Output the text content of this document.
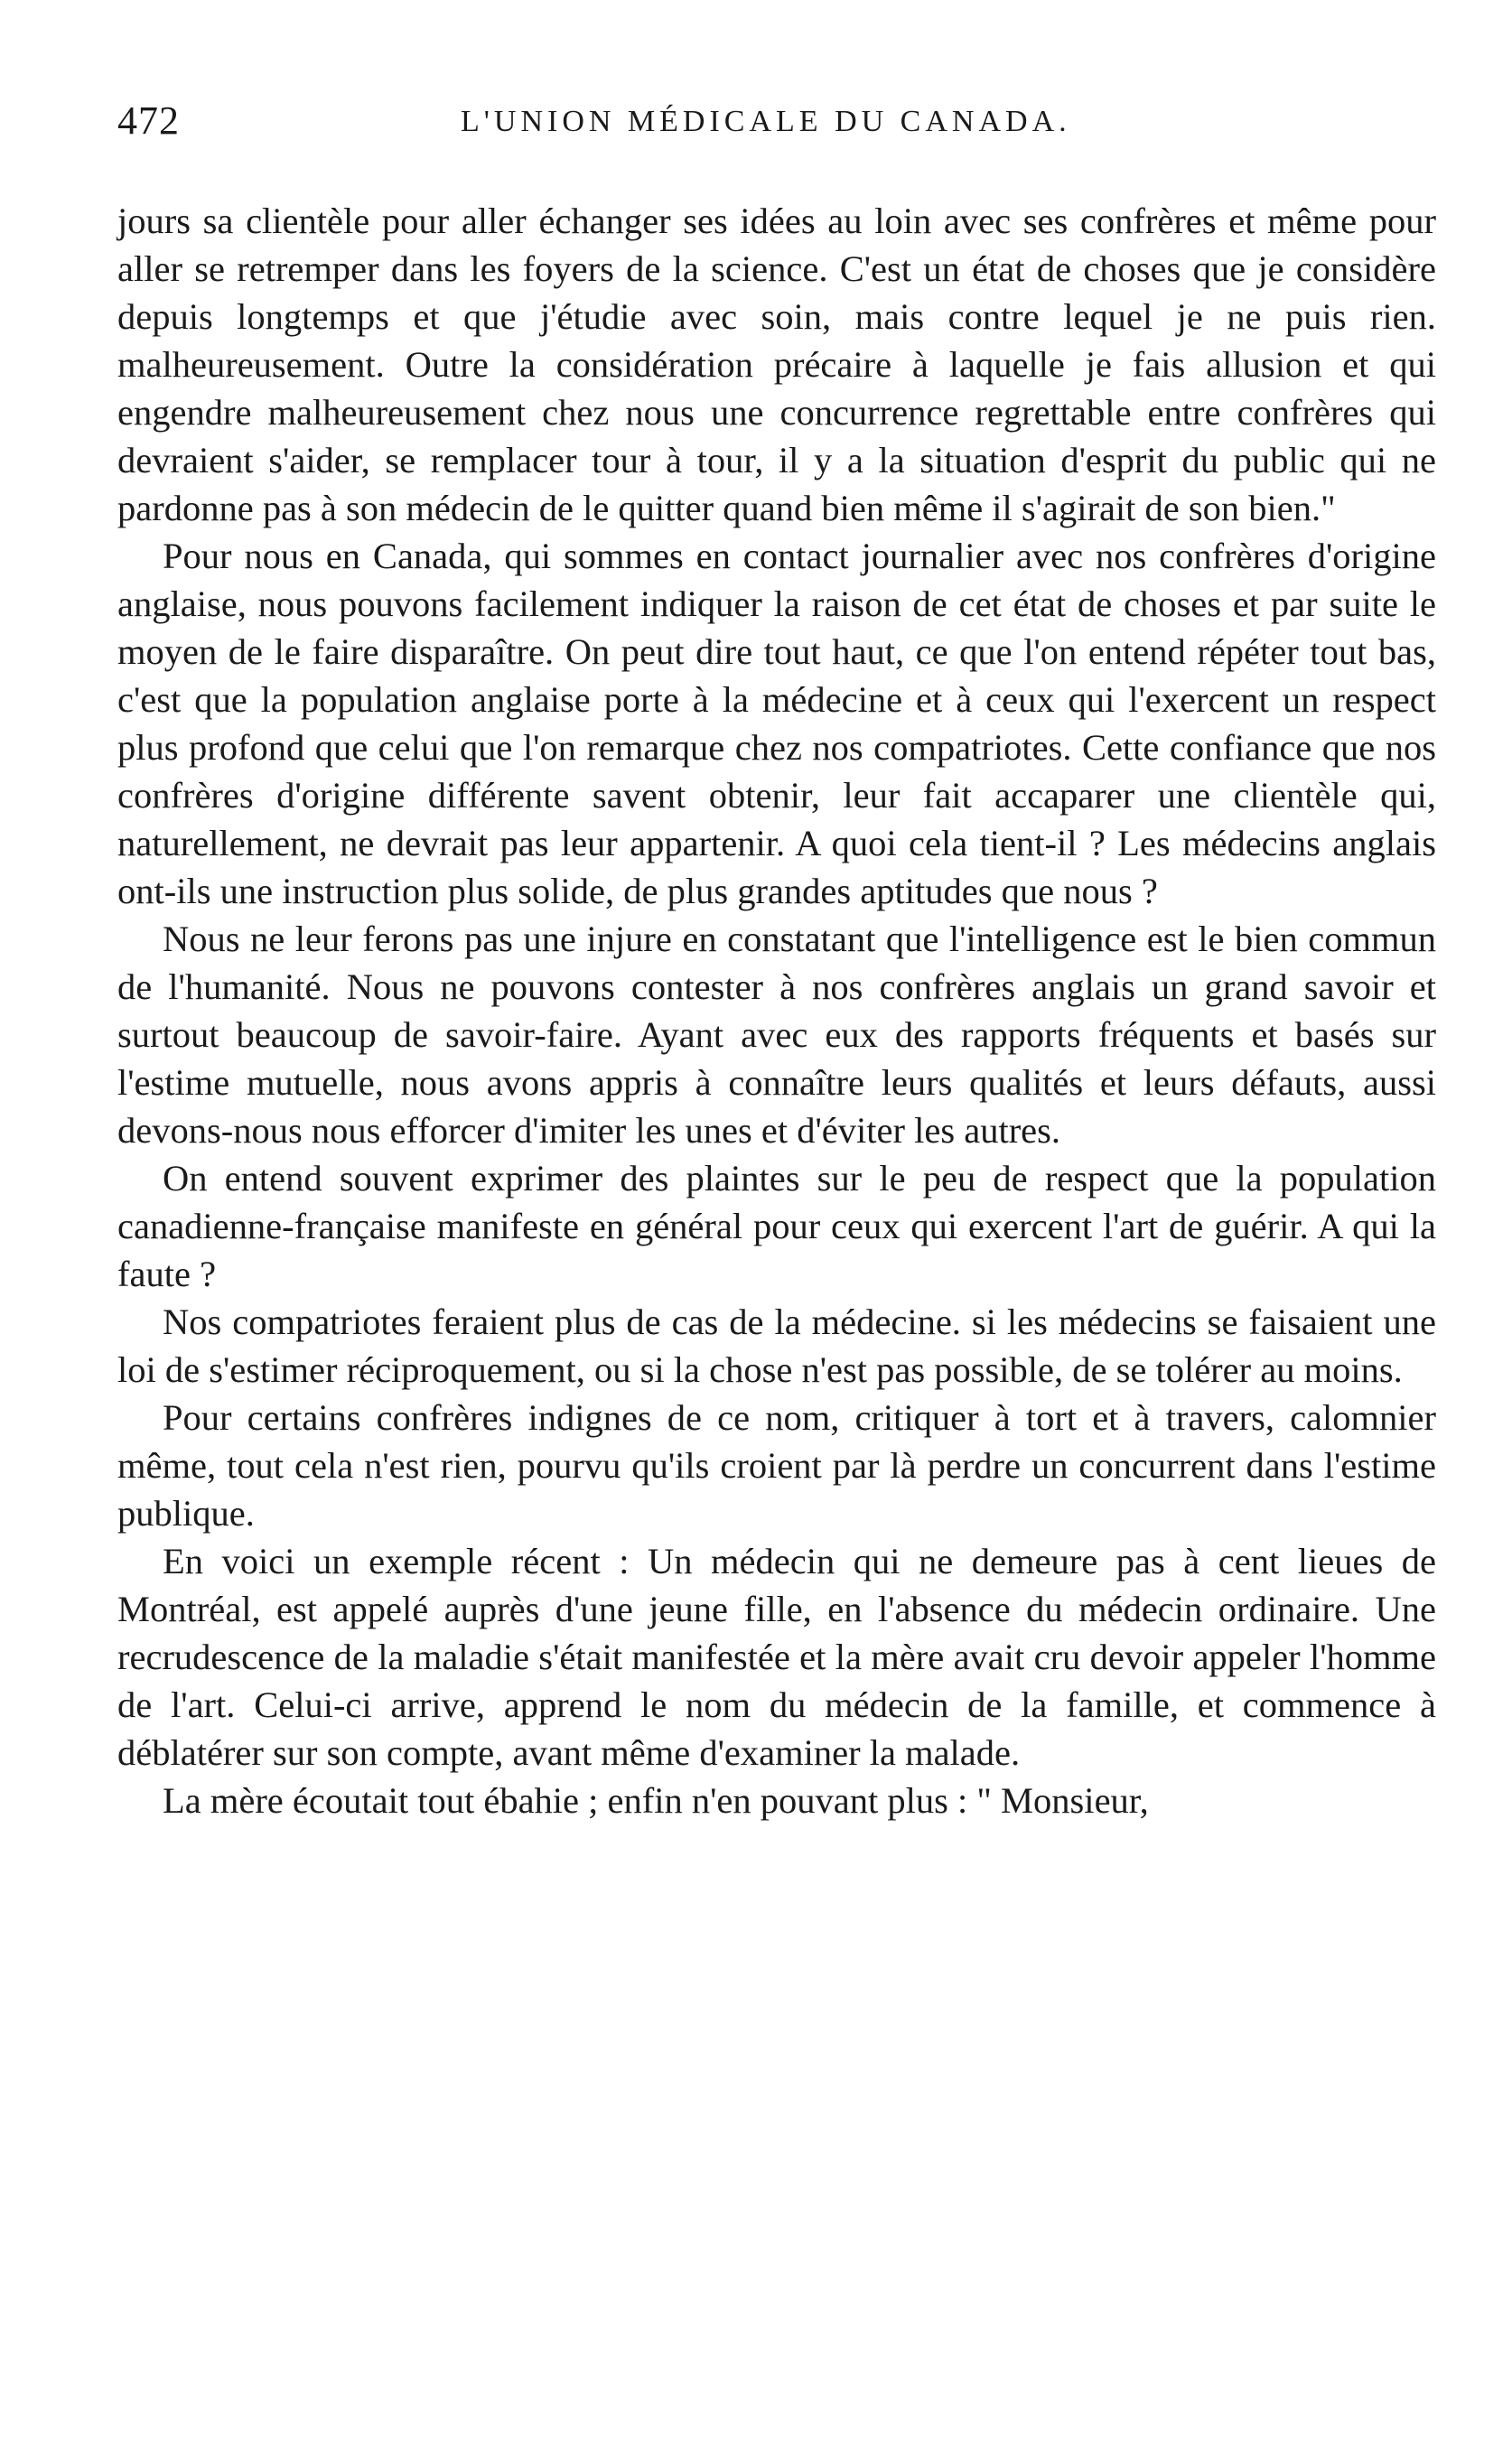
472	L'UNION MÉDICALE DU CANADA.

jours sa clientèle pour aller échanger ses idées au loin avec ses confrères et même pour aller se retremper dans les foyers de la science. C'est un état de choses que je considère depuis longtemps et que j'étudie avec soin, mais contre lequel je ne puis rien. malheureusement. Outre la considération précaire à laquelle je fais allusion et qui engendre malheureusement chez nous une concurrence regrettable entre confrères qui devraient s'aider, se remplacer tour à tour, il y a la situation d'esprit du public qui ne pardonne pas à son médecin de le quitter quand bien même il s'agirait de son bien."

Pour nous en Canada, qui sommes en contact journalier avec nos confrères d'origine anglaise, nous pouvons facilement indiquer la raison de cet état de choses et par suite le moyen de le faire disparaître. On peut dire tout haut, ce que l'on entend répéter tout bas, c'est que la population anglaise porte à la médecine et à ceux qui l'exercent un respect plus profond que celui que l'on remarque chez nos compatriotes. Cette confiance que nos confrères d'origine différente savent obtenir, leur fait accaparer une clientèle qui, naturellement, ne devrait pas leur appartenir. A quoi cela tient-il ? Les médecins anglais ont-ils une instruction plus solide, de plus grandes aptitudes que nous ?

Nous ne leur ferons pas une injure en constatant que l'intelligence est le bien commun de l'humanité. Nous ne pouvons contester à nos confrères anglais un grand savoir et surtout beaucoup de savoir-faire. Ayant avec eux des rapports fréquents et basés sur l'estime mutuelle, nous avons appris à connaître leurs qualités et leurs défauts, aussi devons-nous nous efforcer d'imiter les unes et d'éviter les autres.

On entend souvent exprimer des plaintes sur le peu de respect que la population canadienne-française manifeste en général pour ceux qui exercent l'art de guérir. A qui la faute ?

Nos compatriotes feraient plus de cas de la médecine. si les médecins se faisaient une loi de s'estimer réciproquement, ou si la chose n'est pas possible, de se tolérer au moins.

Pour certains confrères indignes de ce nom, critiquer à tort et à travers, calomnier même, tout cela n'est rien, pourvu qu'ils croient par là perdre un concurrent dans l'estime publique.

En voici un exemple récent : Un médecin qui ne demeure pas à cent lieues de Montréal, est appelé auprès d'une jeune fille, en l'absence du médecin ordinaire. Une recrudescence de la maladie s'était manifestée et la mère avait cru devoir appeler l'homme de l'art. Celui-ci arrive, apprend le nom du médecin de la famille, et commence à déblatérer sur son compte, avant même d'examiner la malade.

La mère écoutait tout ébahie ; enfin n'en pouvant plus : " Monsieur,
